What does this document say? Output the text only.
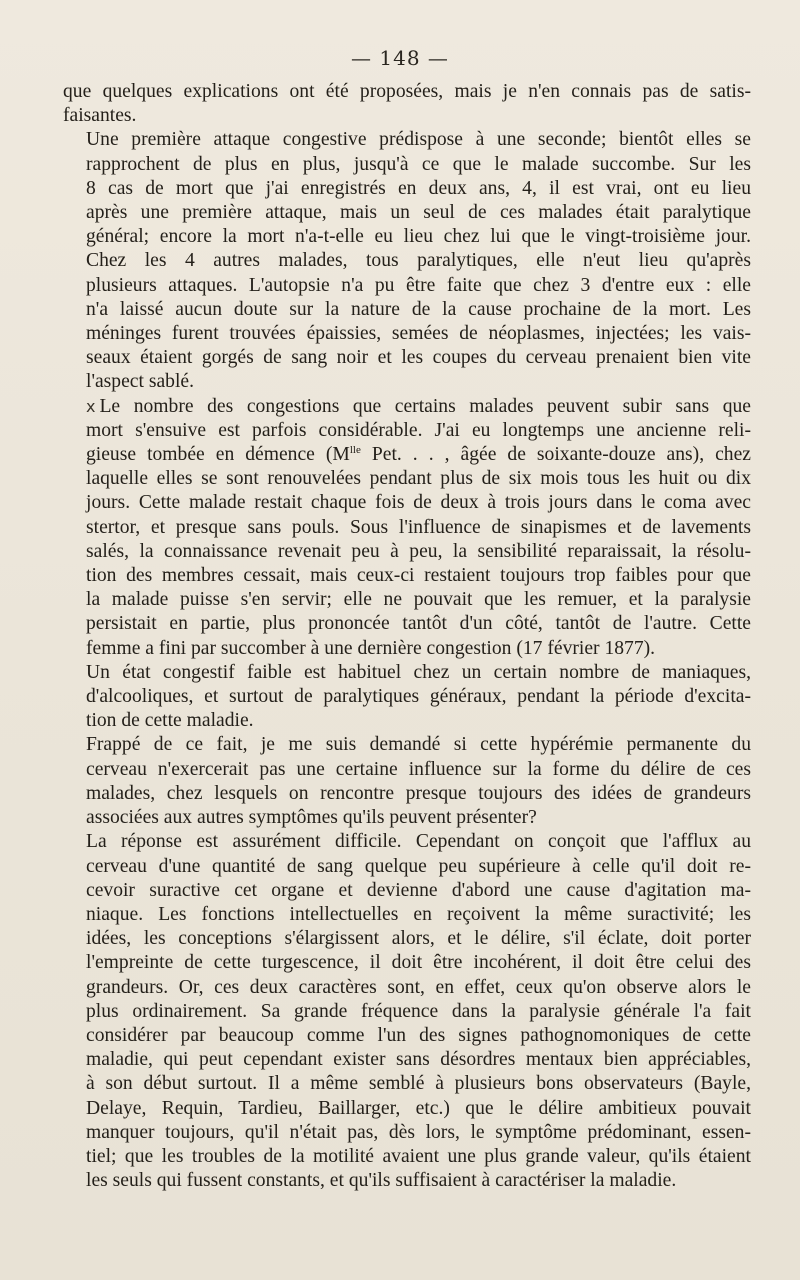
— 148 —

que quelques explications ont été proposées, mais je n'en connais pas de satis-
faisantes.

Une première attaque congestive prédispose à une seconde; bientôt elles se
rapprochent de plus en plus, jusqu'à ce que le malade succombe. Sur les
8 cas de mort que j'ai enregistrés en deux ans, 4, il est vrai, ont eu lieu
après une première attaque, mais un seul de ces malades était paralytique
général; encore la mort n'a-t-elle eu lieu chez lui que le vingt-troisième jour.
Chez les 4 autres malades, tous paralytiques, elle n'eut lieu qu'après
plusieurs attaques. L'autopsie n'a pu être faite que chez 3 d'entre eux : elle
n'a laissé aucun doute sur la nature de la cause prochaine de la mort. Les
méninges furent trouvées épaissies, semées de néoplasmes, injectées; les vais-
seaux étaient gorgés de sang noir et les coupes du cerveau prenaient bien vite
l'aspect sablé.

x Le nombre des congestions que certains malades peuvent subir sans que
mort s'ensuive est parfois considérable. J'ai eu longtemps une ancienne reli-
gieuse tombée en démence ($M^{lle}$ Pet. . . , âgée de soixante-douze ans), chez
laquelle elles se sont renouvelées pendant plus de six mois tous les huit ou dix
jours. Cette malade restait chaque fois de deux à trois jours dans le coma avec
stertor, et presque sans pouls. Sous l'influence de sinapismes et de lavements
salés, la connaissance revenait peu à peu, la sensibilité reparaissait, la résolu-
tion des membres cessait, mais ceux-ci restaient toujours trop faibles pour que
la malade puisse s'en servir; elle ne pouvait que les remuer, et la paralysie
persistait en partie, plus prononcée tantôt d'un côté, tantôt de l'autre. Cette
femme a fini par succomber à une dernière congestion (17 février 1877).

Un état congestif faible est habituel chez un certain nombre de maniaques,
d'alcooliques, et surtout de paralytiques généraux, pendant la période d'excita-
tion de cette maladie.

Frappé de ce fait, je me suis demandé si cette hypérémie permanente du
cerveau n'exercerait pas une certaine influence sur la forme du délire de ces
malades, chez lesquels on rencontre presque toujours des idées de grandeurs
associées aux autres symptômes qu'ils peuvent présenter?

La réponse est assurément difficile. Cependant on conçoit que l'afflux au
cerveau d'une quantité de sang quelque peu supérieure à celle qu'il doit re-
cevoir suractive cet organe et devienne d'abord une cause d'agitation ma-
niaque. Les fonctions intellectuelles en reçoivent la même suractivité; les
idées, les conceptions s'élargissent alors, et le délire, s'il éclate, doit porter
l'empreinte de cette turgescence, il doit être incohérent, il doit être celui des
grandeurs. Or, ces deux caractères sont, en effet, ceux qu'on observe alors le
plus ordinairement. Sa grande fréquence dans la paralysie générale l'a fait
considérer par beaucoup comme l'un des signes pathognomoniques de cette
maladie, qui peut cependant exister sans désordres mentaux bien appréciables,
à son début surtout. Il a même semblé à plusieurs bons observateurs (Bayle,
Delaye, Requin, Tardieu, Baillarger, etc.) que le délire ambitieux pouvait
manquer toujours, qu'il n'était pas, dès lors, le symptôme prédominant, essen-
tiel; que les troubles de la motilité avaient une plus grande valeur, qu'ils étaient
les seuls qui fussent constants, et qu'ils suffisaient à caractériser la maladie.
